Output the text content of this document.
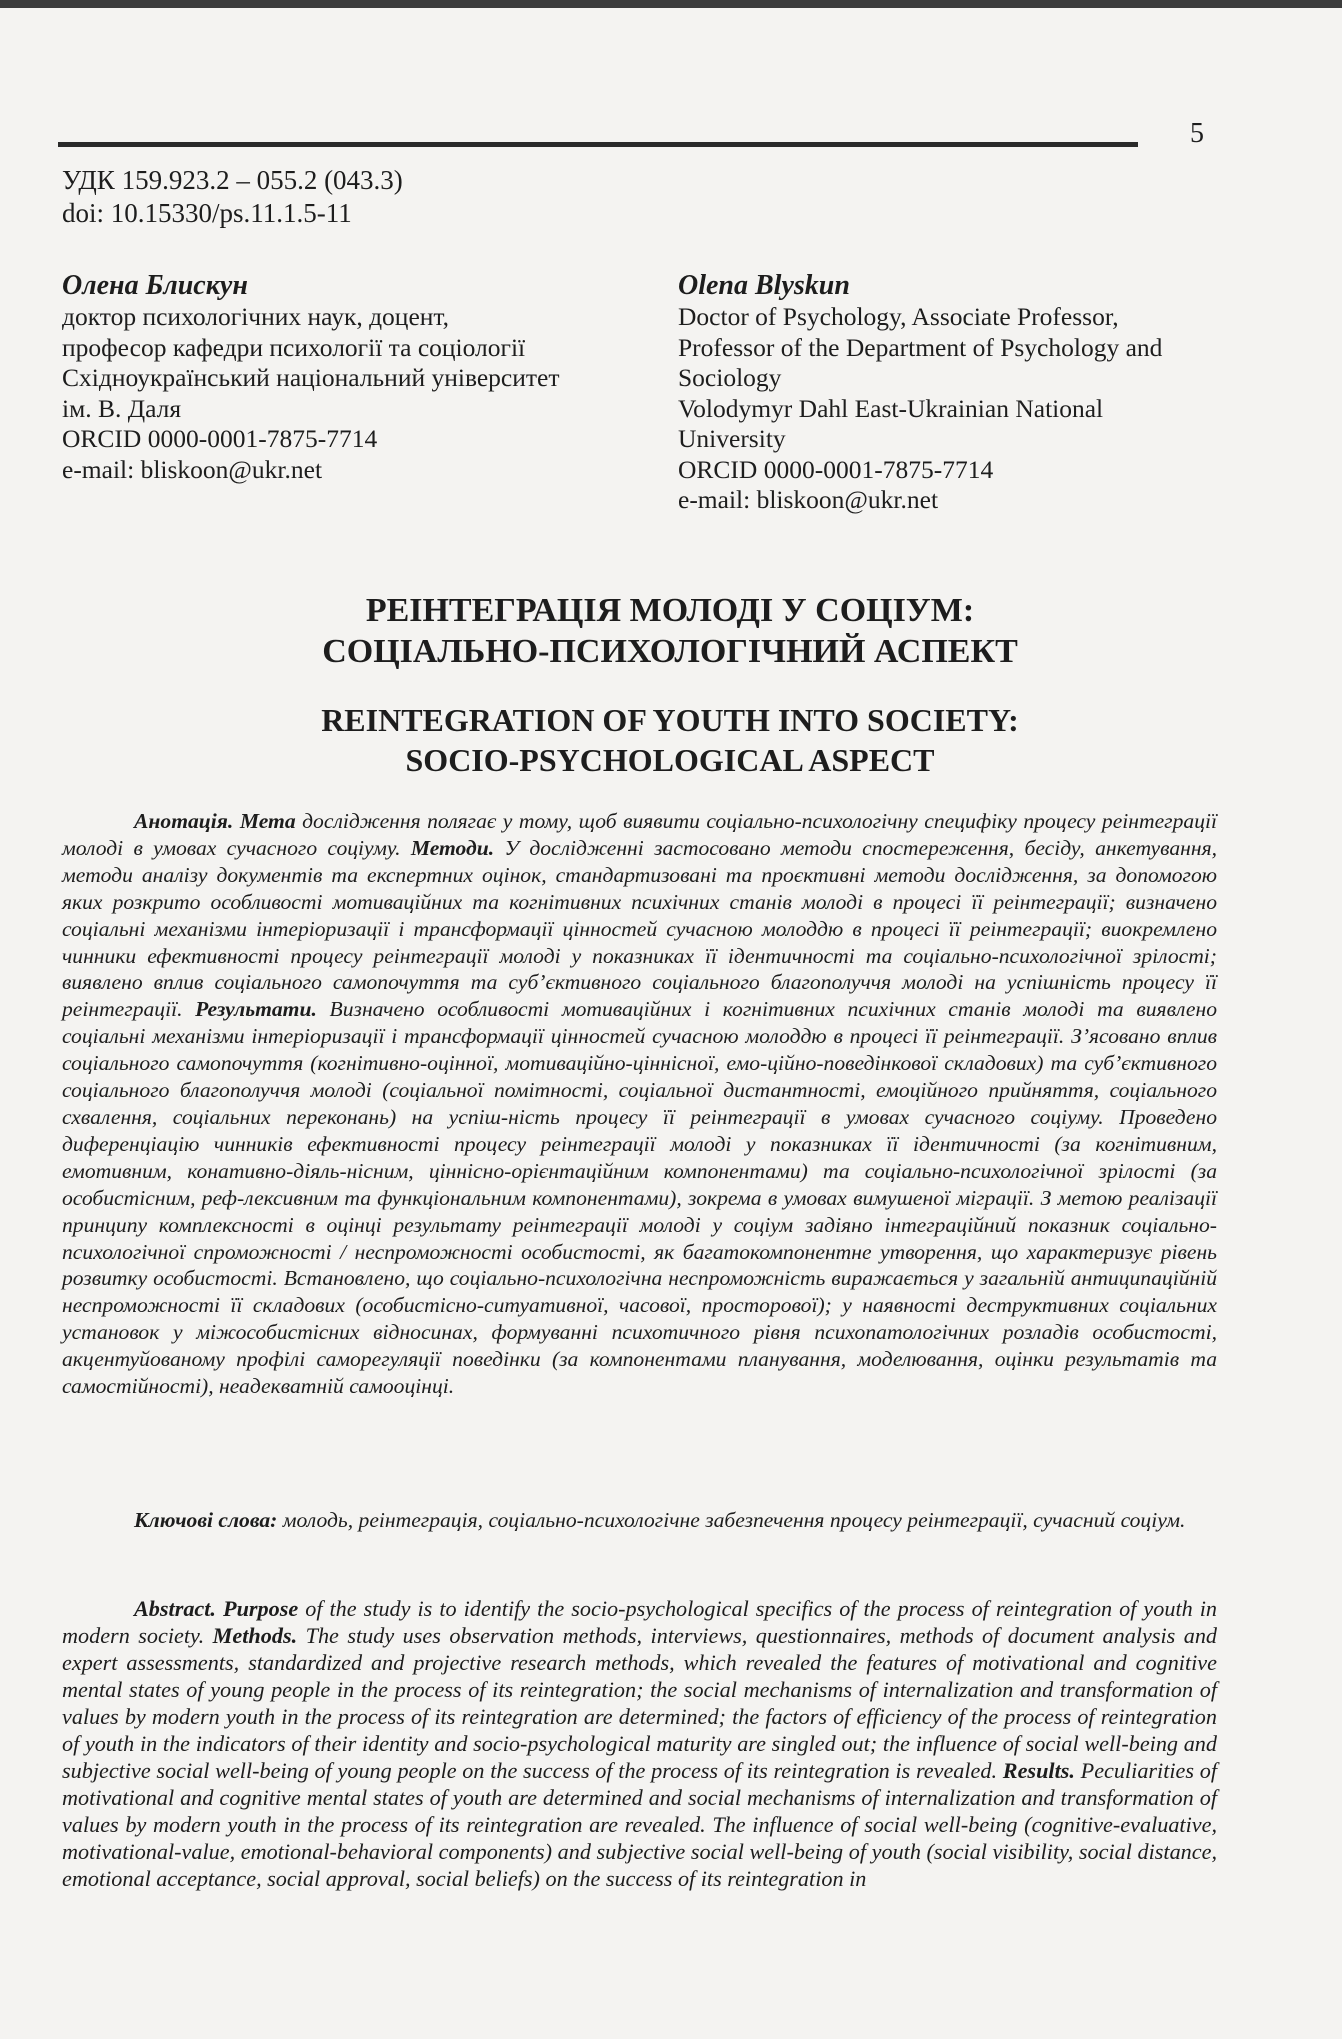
5
УДК 159.923.2 – 055.2 (043.3)
doi: 10.15330/ps.11.1.5-11
Олена Блискун
доктор психологічних наук, доцент,
професор кафедри психології та соціології
Східноукраїнський національний університет
ім. В. Даля
ORCID 0000-0001-7875-7714
e-mail: bliskoon@ukr.net
Olena Blyskun
Doctor of Psychology, Associate Professor,
Professor of the Department of Psychology and
Sociology
Volodymyr Dahl East-Ukrainian National
University
ORCID 0000-0001-7875-7714
e-mail: bliskoon@ukr.net
РЕІНТЕГРАЦІЯ МОЛОДІ У СОЦІУМ:
СОЦІАЛЬНО-ПСИХОЛОГІЧНИЙ АСПЕКТ
REINTEGRATION OF YOUTH INTO SOCIETY:
SOCIO-PSYCHOLOGICAL ASPECT
Анотація. Мета дослідження полягає у тому, щоб виявити соціально-психологічну специфіку процесу реінтеграції молоді в умовах сучасного соціуму. Методи. У дослідженні застосовано методи спостереження, бесіду, анкетування, методи аналізу документів та експертних оцінок, стандартизовані та проєктивні методи дослідження, за допомогою яких розкрито особливості мотиваційних та когнітивних психічних станів молоді в процесі її реінтеграції; визначено соціальні механізми інтеріоризації і трансформації цінностей сучасною молоддю в процесі її реінтеграції; виокремлено чинники ефективності процесу реінтеграції молоді у показниках її ідентичності та соціально-психологічної зрілості; виявлено вплив соціального самопочуття та суб’єктивного соціального благополуччя молоді на успішність процесу її реінтеграції. Результати. Визначено особливості мотиваційних і когнітивних психічних станів молоді та виявлено соціальні механізми інтеріоризації і трансформації цінностей сучасною молоддю в процесі її реінтеграції. З’ясовано вплив соціального самопочуття (когнітивно-оцінної, мотиваційно-ціннісної, емо-ційно-поведінкової складових) та суб’єктивного соціального благополуччя молоді (соціальної помітності, соціальної дистантності, емоційного прийняття, соціального схвалення, соціальних переконань) на успіш-ність процесу її реінтеграції в умовах сучасного соціуму. Проведено диференціацію чинників ефективності процесу реінтеграції молоді у показниках її ідентичності (за когнітивним, емотивним, конативно-діяль-нісним, ціннісно-орієнтаційним компонентами) та соціально-психологічної зрілості (за особистісним, реф-лексивним та функціональним компонентами), зокрема в умовах вимушеної міграції. З метою реалізації принципу комплексності в оцінці результату реінтеграції молоді у соціум задіяно інтеграційний показник соціально-психологічної спроможності / неспроможності особистості, як багатокомпонентне утворення, що характеризує рівень розвитку особистості. Встановлено, що соціально-психологічна неспроможність виражається у загальній антиципаційній неспроможності її складових (особистісно-ситуативної, часової, просторової); у наявності деструктивних соціальних установок у міжособистісних відносинах, формуванні психотичного рівня психопатологічних розладів особистості, акцентуйованому профілі саморегуляції поведінки (за компонентами планування, моделювання, оцінки результатів та самостійності), неадекватній самооцінці.
Ключові слова: молодь, реінтеграція, соціально-психологічне забезпечення процесу реінтеграції, сучасний соціум.
Abstract. Purpose of the study is to identify the socio-psychological specifics of the process of reintegration of youth in modern society. Methods. The study uses observation methods, interviews, questionnaires, methods of document analysis and expert assessments, standardized and projective research methods, which revealed the features of motivational and cognitive mental states of young people in the process of its reintegration; the social mechanisms of internalization and transformation of values by modern youth in the process of its reintegration are determined; the factors of efficiency of the process of reintegration of youth in the indicators of their identity and socio-psychological maturity are singled out; the influence of social well-being and subjective social well-being of young people on the success of the process of its reintegration is revealed. Results. Peculiarities of motivational and cognitive mental states of youth are determined and social mechanisms of internalization and transformation of values by modern youth in the process of its reintegration are revealed. The influence of social well-being (cognitive-evaluative, motivational-value, emotional-behavioral components) and subjective social well-being of youth (social visibility, social distance, emotional acceptance, social approval, social beliefs) on the success of its reintegration in
